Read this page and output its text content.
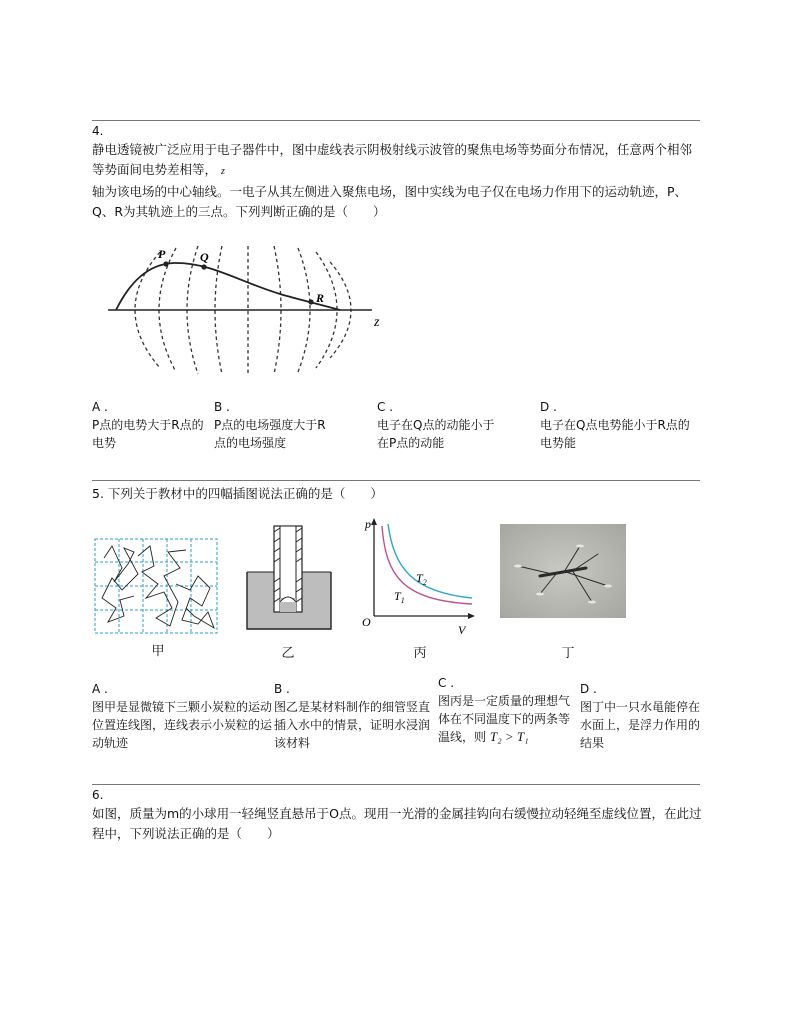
4.
静电透镜被广泛应用于电子器件中，图中虚线表示阴极射线示波管的聚焦电场等势面分布情况，任意两个相邻等势面间电势差相等， z
轴为该电场的中心轴线。一电子从其左侧进入聚焦电场，图中实线为电子仅在电场力作用下的运动轨迹，P、Q、R为其轨迹上的三点。下列判断正确的是（　　）
P	Q
R
z
A .
P点的电势大于R点的电势
B .
P点的电场强度大于R点的电场强度
C .
电子在Q点的动能小于在P点的动能
D .
电子在Q点电势能小于R点的电势能
5. 下列关于教材中的四幅插图说法正确的是（　　）
甲	乙
p
V
O
$T_2$
$T_1$
丙	丁
A .
图甲是显微镜下三颗小炭粒的运动位置连线图，连线表示小炭粒的运动轨迹
B .
图乙是某材料制作的细管竖直插入水中的情景，证明水浸润该材料
C .
图丙是一定质量的理想气体在不同温度下的两条等温线，则 T₂ > T₁
D .
图丁中一只水黾能停在水面上，是浮力作用的结果
6.
如图，质量为m的小球用一轻绳竖直悬吊于O点。现用一光滑的金属挂钩向右缓慢拉动轻绳至虚线位置，在此过程中，下列说法正确的是（　　）
